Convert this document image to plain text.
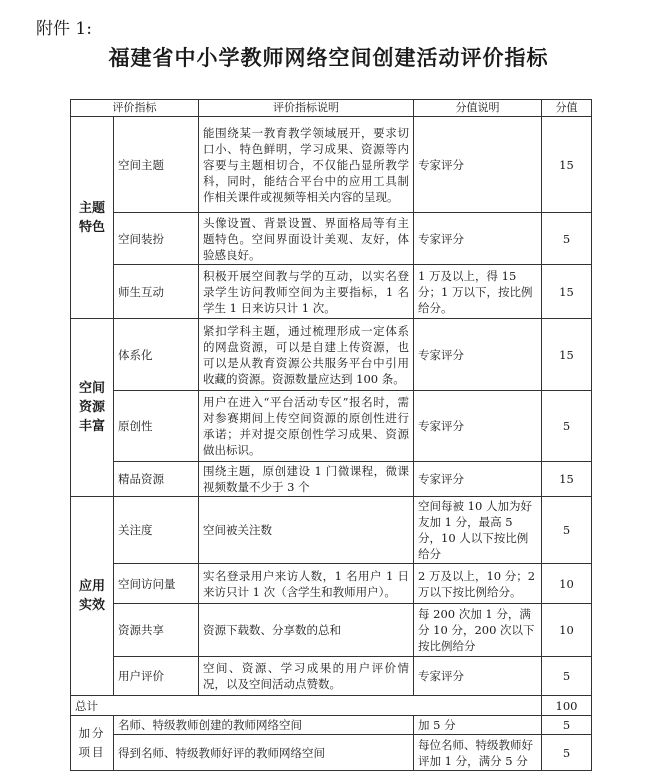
附件 1:
福建省中小学教师网络空间创建活动评价指标
评价指标		评价指标说明	分值说明	分值
主题特色	空间主题	能围绕某一教育教学领域展开，要求切口小、特色鲜明，学习成果、资源等内容要与主题相切合，不仅能凸显所教学科，同时，能结合平台中的应用工具制作相关课件或视频等相关内容的呈现。	专家评分	15
	空间装扮	头像设置、背景设置、界面格局等有主题特色。空间界面设计美观、友好，体验感良好。	专家评分	5
	师生互动	积极开展空间教与学的互动，以实名登录学生访问教师空间为主要指标，1 名学生 1 日来访只计 1 次。	1 万及以上，得 15 分；1 万以下，按比例给分。	15
空间资源丰富	体系化	紧扣学科主题，通过梳理形成一定体系的网盘资源，可以是自建上传资源，也可以是从教育资源公共服务平台中引用收藏的资源。资源数量应达到 100 条。	专家评分	15
	原创性	用户在进入“平台活动专区”报名时，需对参赛期间上传空间资源的原创性进行承诺；并对提交原创性学习成果、资源做出标识。	专家评分	5
	精品资源	围绕主题，原创建设 1 门微课程，微课视频数量不少于 3 个	专家评分	15
应用实效	关注度	空间被关注数	空间每被 10 人加为好友加 1 分，最高 5 分，10 人以下按比例给分	5
	空间访问量	实名登录用户来访人数，1 名用户 1 日来访只计 1 次（含学生和教师用户）。	2 万及以上，10 分；2 万以下按比例给分。	10
	资源共享	资源下载数、分享数的总和	每 200 次加 1 分，满分 10 分，200 次以下按比例给分	10
	用户评价	空间、资源、学习成果的用户评价情况，以及空间活动点赞数。	专家评分	5
总计				100
加分项目	名师、特级教师创建的教师网络空间		加 5 分	5
	得到名师、特级教师好评的教师网络空间		每位名师、特级教师好评加 1 分，满分 5 分	5
